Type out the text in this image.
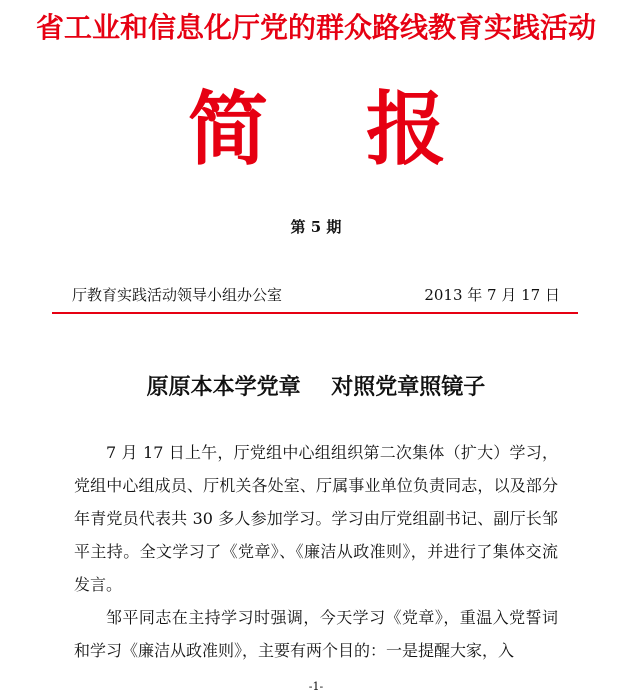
省工业和信息化厅党的群众路线教育实践活动
简 报
第 5 期
厅教育实践活动领导小组办公室	2013 年 7 月 17 日
原原本本学党章    对照党章照镜子

7 月 17 日上午，厅党组中心组组织第二次集体（扩大）学习，党组中心组成员、厅机关各处室、厅属事业单位负责同志，以及部分年青党员代表共 30 多人参加学习。学习由厅党组副书记、副厅长邹平主持。全文学习了《党章》、《廉洁从政准则》，并进行了集体交流发言。

邹平同志在主持学习时强调，今天学习《党章》，重温入党誓词和学习《廉洁从政准则》，主要有两个目的：一是提醒大家，入

-1-
